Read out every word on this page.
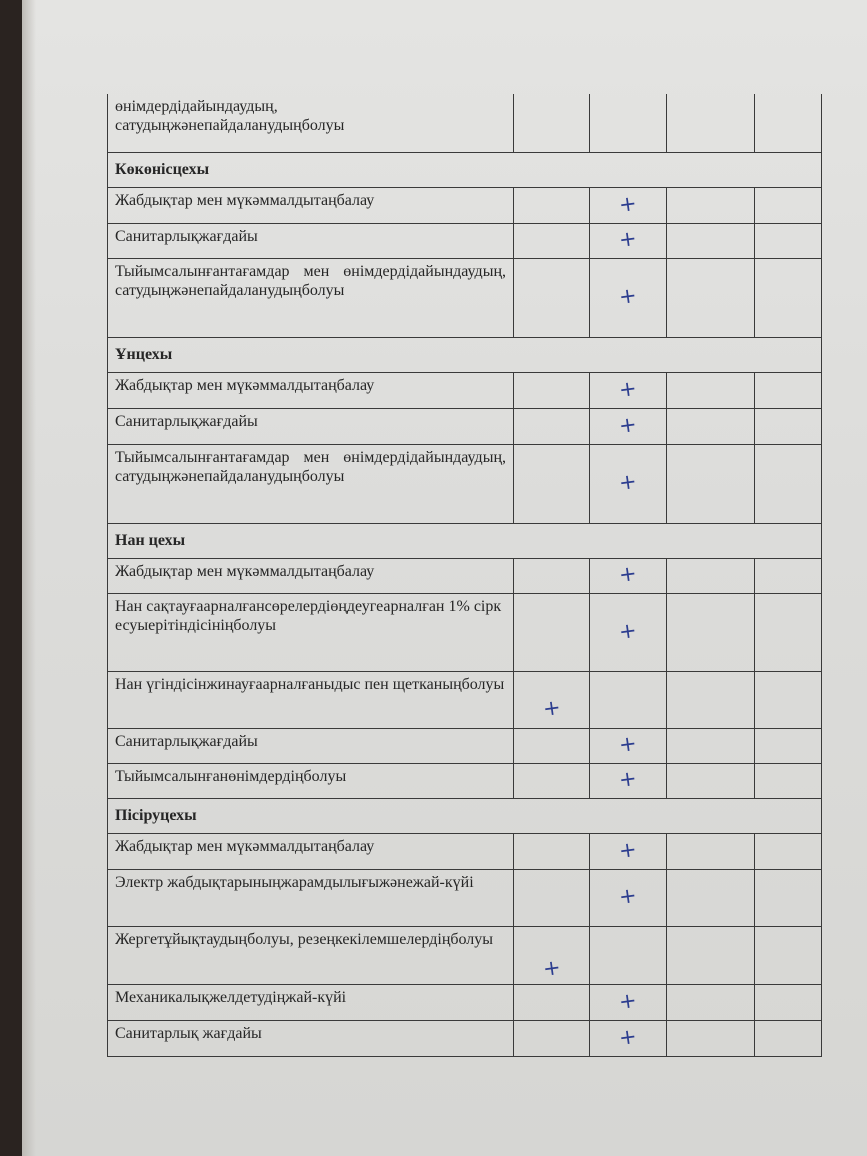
өнімдердідайындаудың, сатудыңжәнепайдаланудыңболуы				
Көкөнісцехы				
Жабдықтар мен мүкәммалдытаңбалау		+		
Санитарлықжағдайы		+		
Тыйымсалынғантағамдар мен өнімдердідайындаудың, сатудыңжәнепайдаланудыңболуы		+		
Ұнцехы				
Жабдықтар мен мүкәммалдытаңбалау		+		
Санитарлықжағдайы		+		
Тыйымсалынғантағамдар мен өнімдердідайындаудың, сатудыңжәнепайдаланудыңболуы		+		
Нан цехы				
Жабдықтар мен мүкәммалдытаңбалау		+		
Нан сақтауғаарналғансөрелердіөңдеугеарналған 1% сіркесуыерітіндісініңболуы		+		
Нан үгіндісінжинауғаарналғаныдыс пен щетканыңболуы	+			
Санитарлықжағдайы		+		
Тыйымсалынғанөнімдердіңболуы		+		
Пісіруцехы				
Жабдықтар мен мүкәммалдытаңбалау		+		
Электр жабдықтарыныңжарамдылығыжәнежай-күйі		+		
Жергетұйықтаудыңболуы, резеңкекілемшелердіңболуы	+			
Механикалықжелдетудіңжай-күйі		+		
Санитарлық жағдайы		+		
